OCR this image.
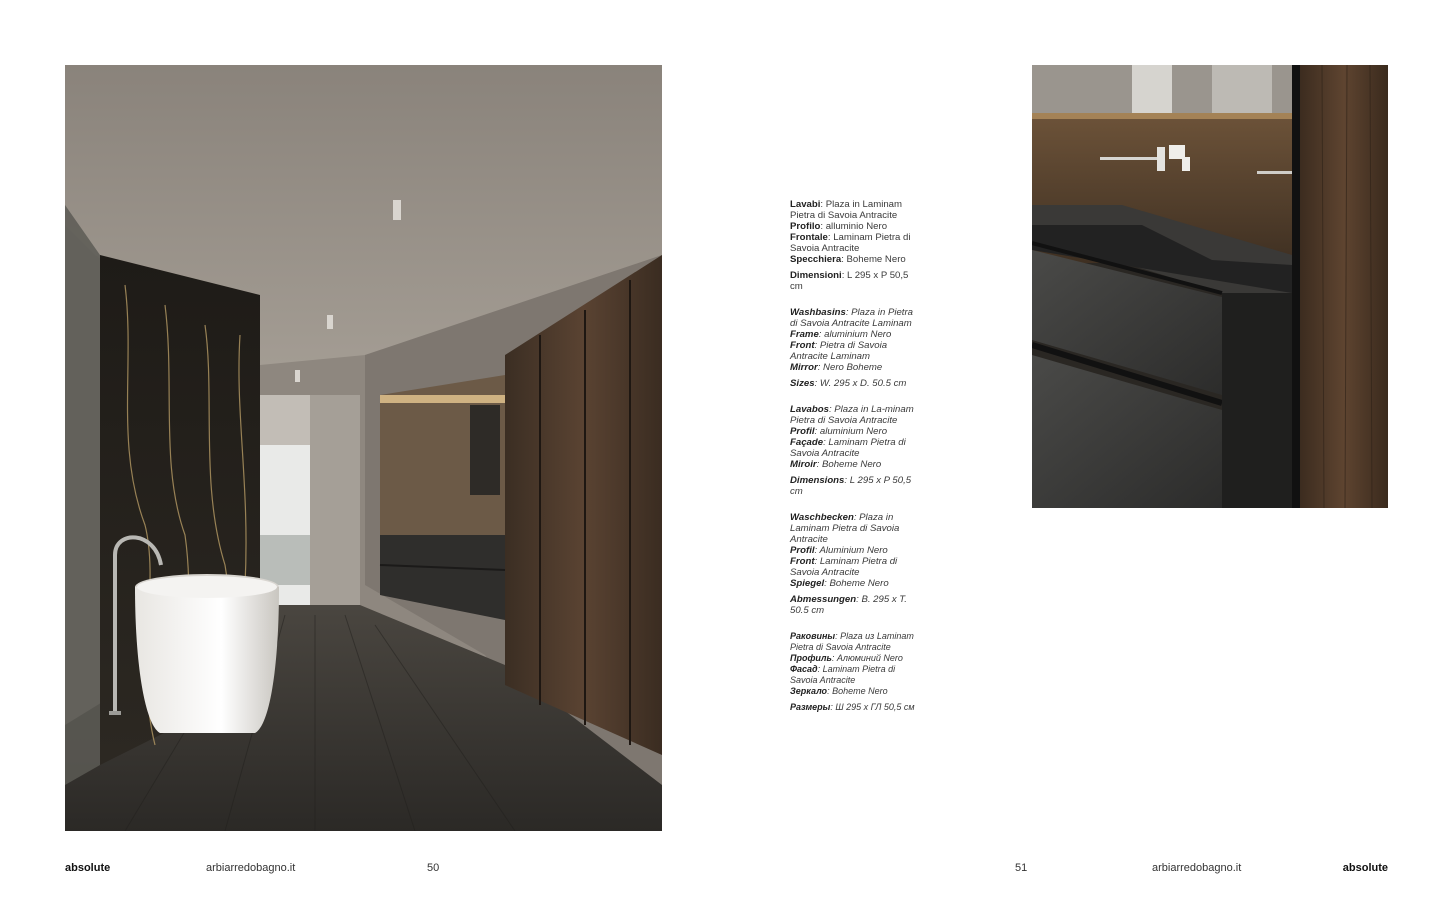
Lavabi: Plaza in Laminam Pietra di Savoia Antracite

Profilo: alluminio Nero

Frontale: Laminam Pietra di Savoia Antracite

Specchiera: Boheme Nero

Dimensioni: L 295 x P 50,5 cm

Washbasins: Plaza in Pietra di Savoia Antracite Laminam

Frame: aluminium Nero

Front: Pietra di Savoia Antracite Laminam

Mirror: Nero Boheme

Sizes: W. 295 x D. 50.5 cm

Lavabos: Plaza in La-minam Pietra di Savoia Antracite

Profil: aluminium Nero

Façade: Laminam Pietra di Savoia Antracite

Miroir: Boheme Nero

Dimensions: L 295 x P 50,5 cm

Waschbecken: Plaza in Laminam Pietra di Savoia Antracite

Profil: Aluminium Nero

Front: Laminam Pietra di Savoia Antracite

Spiegel: Boheme Nero

Abmessungen: B. 295 x T. 50.5 cm

Раковины: Plaza из Laminam Pietra di Savoia Antracite

Профиль: Алюминий Nero

Фасад: Laminam Pietra di Savoia Antracite

Зеркало: Boheme Nero

Размеры: Ш 295 х ГЛ 50,5 см

absolute	arbiarredobagno.it	50	51	arbiarredobagno.it	absolute
